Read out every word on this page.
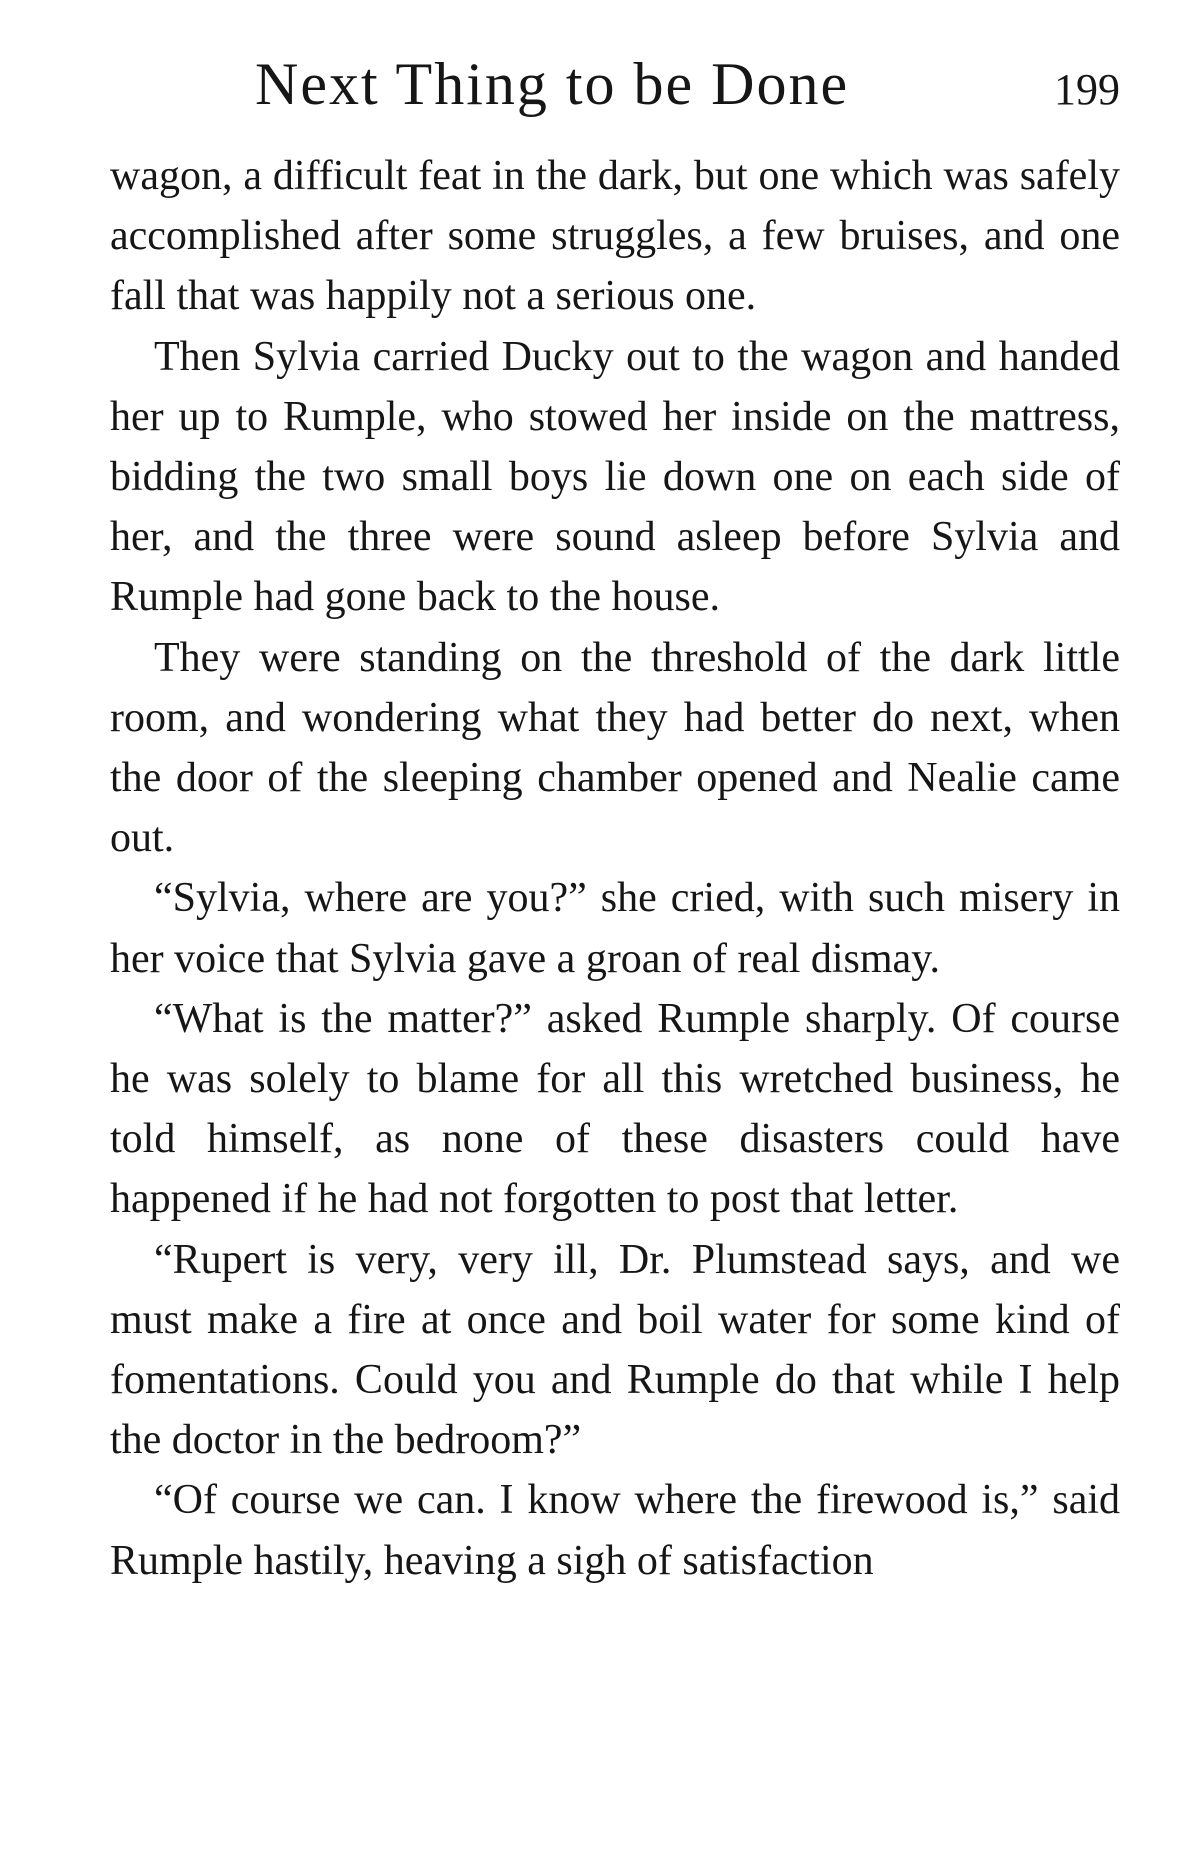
Next Thing to be Done	199

wagon, a difficult feat in the dark, but one which was safely accomplished after some struggles, a few bruises, and one fall that was happily not a serious one.

Then Sylvia carried Ducky out to the wagon and handed her up to Rumple, who stowed her inside on the mattress, bidding the two small boys lie down one on each side of her, and the three were sound asleep before Sylvia and Rumple had gone back to the house.

They were standing on the threshold of the dark little room, and wondering what they had better do next, when the door of the sleeping chamber opened and Nealie came out.

“Sylvia, where are you?” she cried, with such misery in her voice that Sylvia gave a groan of real dismay.

“What is the matter?” asked Rumple sharply. Of course he was solely to blame for all this wretched business, he told himself, as none of these disasters could have happened if he had not forgotten to post that letter.

“Rupert is very, very ill, Dr. Plumstead says, and we must make a fire at once and boil water for some kind of fomentations. Could you and Rumple do that while I help the doctor in the bedroom?”

“Of course we can. I know where the firewood is,” said Rumple hastily, heaving a sigh of satisfaction
